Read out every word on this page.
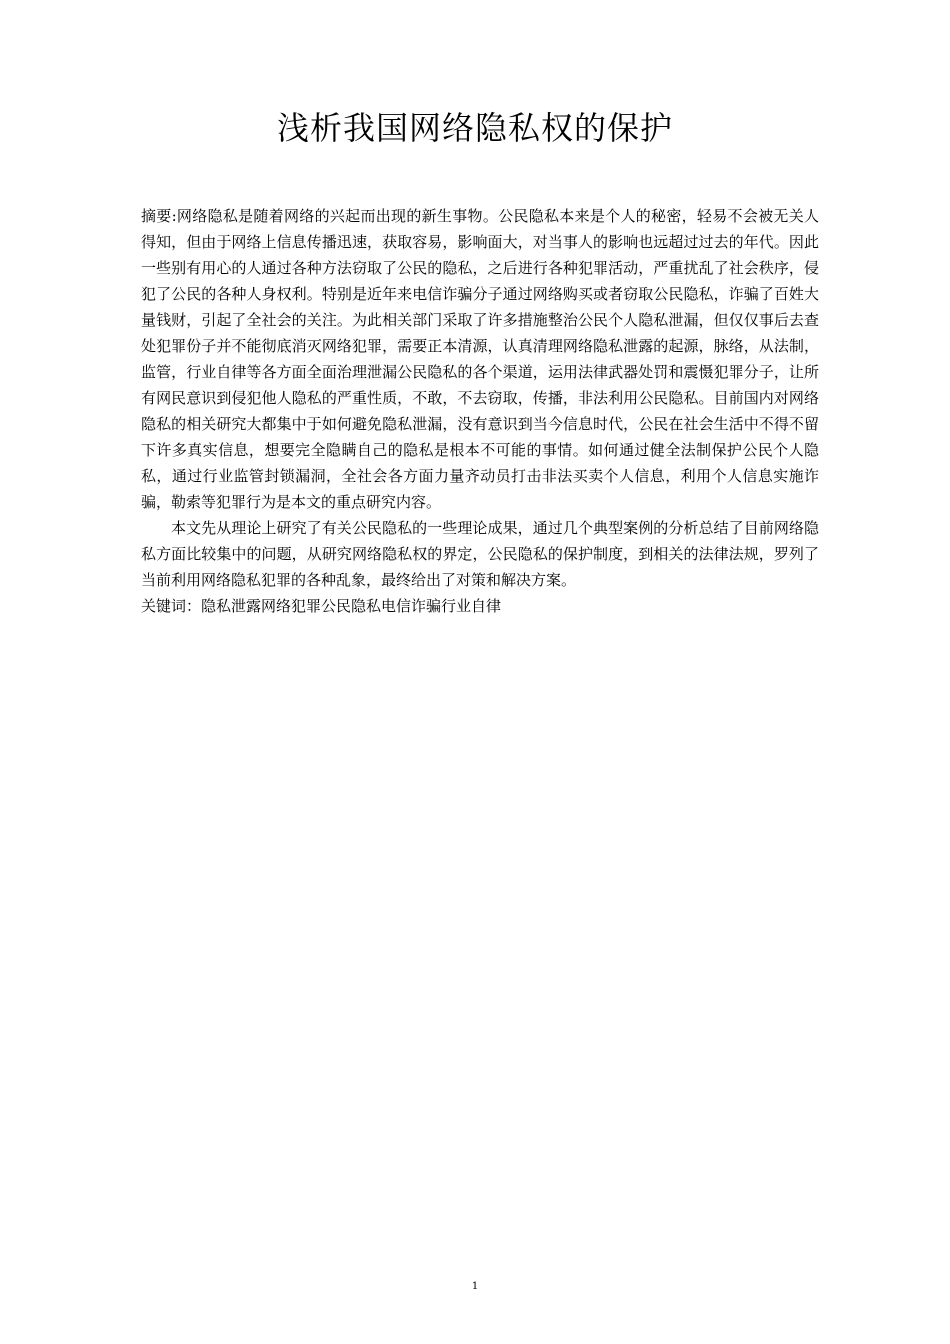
浅析我国网络隐私权的保护

摘要:网络隐私是随着网络的兴起而出现的新生事物。公民隐私本来是个人的秘密，轻易不会被无关人得知，但由于网络上信息传播迅速，获取容易，影响面大，对当事人的影响也远超过过去的年代。因此一些别有用心的人通过各种方法窃取了公民的隐私，之后进行各种犯罪活动，严重扰乱了社会秩序，侵犯了公民的各种人身权利。特别是近年来电信诈骗分子通过网络购买或者窃取公民隐私，诈骗了百姓大量钱财，引起了全社会的关注。为此相关部门采取了许多措施整治公民个人隐私泄漏，但仅仅事后去查处犯罪份子并不能彻底消灭网络犯罪，需要正本清源，认真清理网络隐私泄露的起源，脉络，从法制，监管，行业自律等各方面全面治理泄漏公民隐私的各个渠道，运用法律武器处罚和震慑犯罪分子，让所有网民意识到侵犯他人隐私的严重性质，不敢，不去窃取，传播，非法利用公民隐私。目前国内对网络隐私的相关研究大都集中于如何避免隐私泄漏，没有意识到当今信息时代，公民在社会生活中不得不留下许多真实信息，想要完全隐瞒自己的隐私是根本不可能的事情。如何通过健全法制保护公民个人隐私，通过行业监管封锁漏洞，全社会各方面力量齐动员打击非法买卖个人信息，利用个人信息实施诈骗，勒索等犯罪行为是本文的重点研究内容。

本文先从理论上研究了有关公民隐私的一些理论成果，通过几个典型案例的分析总结了目前网络隐私方面比较集中的问题，从研究网络隐私权的界定，公民隐私的保护制度，到相关的法律法规，罗列了当前利用网络隐私犯罪的各种乱象，最终给出了对策和解决方案。

关键词：隐私泄露网络犯罪公民隐私电信诈骗行业自律

1
